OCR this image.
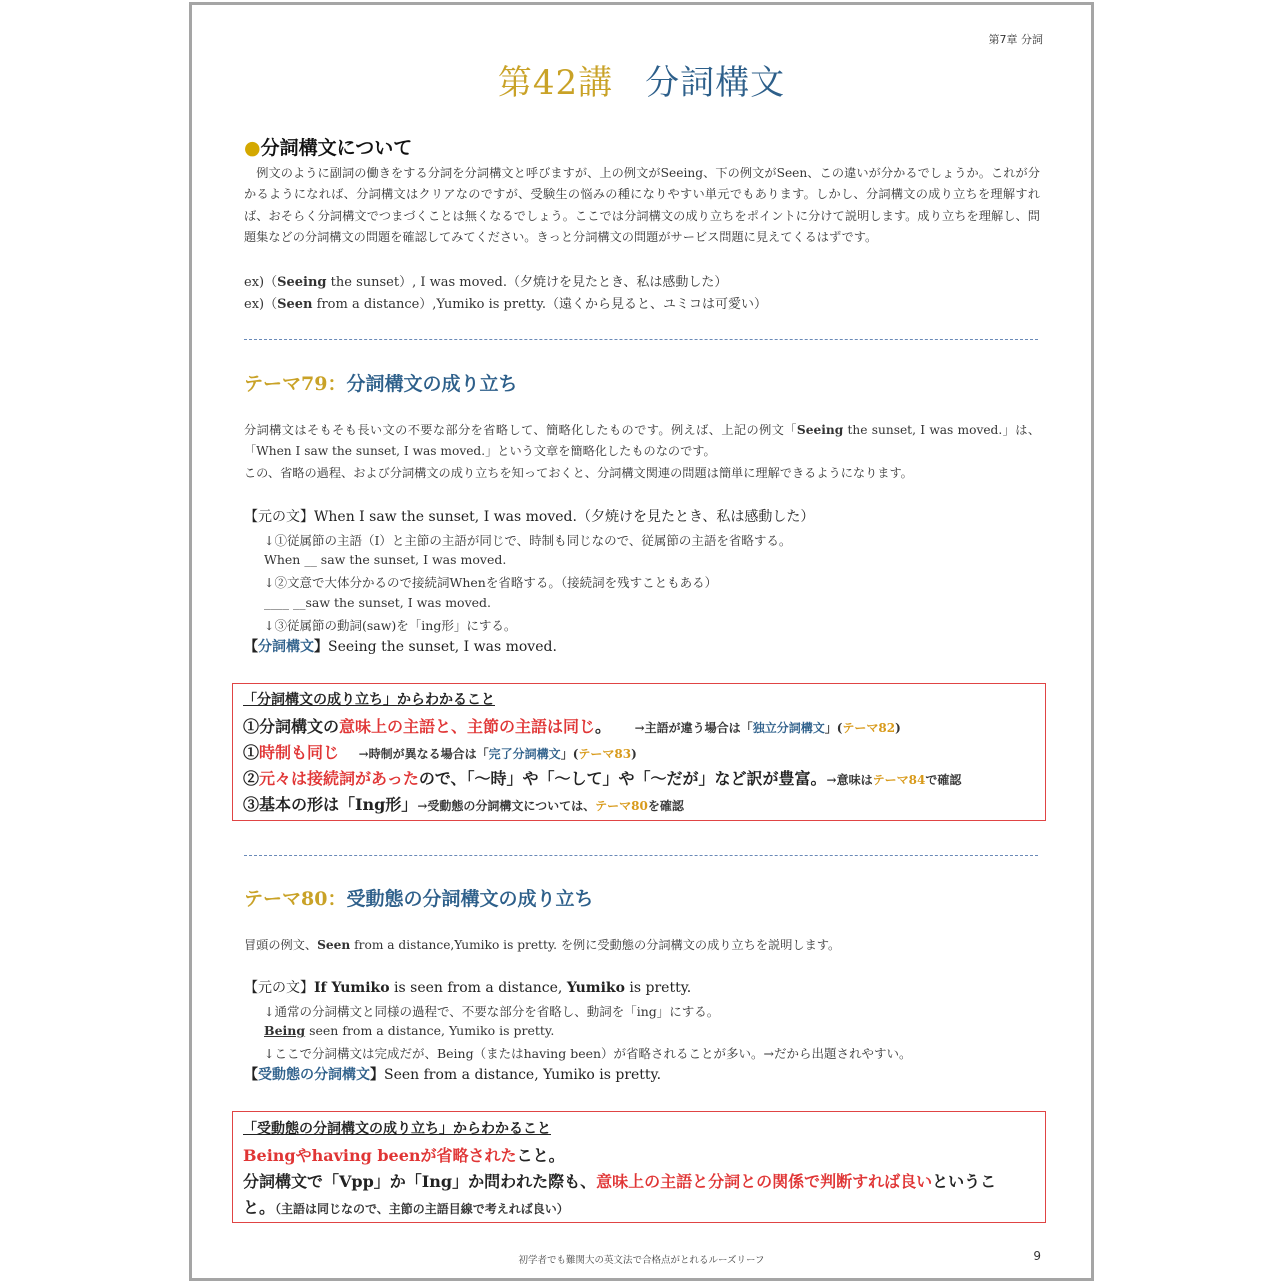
第7章 分詞
第42講 分詞構文
●分詞構文について
例文のように副詞の働きをする分詞を分詞構文と呼びますが、上の例文がSeeing、下の例文がSeen、この違いが分かるでしょうか。これが分かるようになれば、分詞構文はクリアなのですが、受験生の悩みの種になりやすい単元でもあります。しかし、分詞構文の成り立ちを理解すれば、おそらく分詞構文でつまづくことは無くなるでしょう。ここでは分詞構文の成り立ちをポイントに分けて説明します。成り立ちを理解し、問題集などの分詞構文の問題を確認してみてください。きっと分詞構文の問題がサービス問題に見えてくるはずです。
ex)（Seeing the sunset）, I was moved.（夕焼けを見たとき、私は感動した）
ex)（Seen from a distance）,Yumiko is pretty.（遠くから見ると、ユミコは可愛い）
テーマ79：分詞構文の成り立ち
分詞構文はそもそも長い文の不要な部分を省略して、簡略化したものです。例えば、上記の例文「Seeing the sunset, I was moved.」は、「When I saw the sunset, I was moved.」という文章を簡略化したものなのです。
この、省略の過程、および分詞構文の成り立ちを知っておくと、分詞構文関連の問題は簡単に理解できるようになります。
【元の文】When I saw the sunset, I was moved.（夕焼けを見たとき、私は感動した）
↓①従属節の主語（I）と主節の主語が同じで、時制も同じなので、従属節の主語を省略する。
When __ saw the sunset, I was moved.
↓②文意で大体分かるので接続詞Whenを省略する。（接続詞を残すこともある）
____ __saw the sunset, I was moved.
↓③従属節の動詞(saw)を「ing形」にする。
【分詞構文】Seeing the sunset, I was moved.
「分詞構文の成り立ち」からわかること
①分詞構文の意味上の主語と、主節の主語は同じ。 →主語が違う場合は「独立分詞構文」(テーマ82)
①時制も同じ →時制が異なる場合は「完了分詞構文」(テーマ83)
②元々は接続詞があったので、「～時」や「～して」や「～だが」など訳が豊富。→意味はテーマ84で確認
③基本の形は「Ing形」→受動態の分詞構文については、テーマ80を確認
テーマ80：受動態の分詞構文の成り立ち
冒頭の例文、Seen from a distance,Yumiko is pretty. を例に受動態の分詞構文の成り立ちを説明します。
【元の文】If Yumiko is seen from a distance, Yumiko is pretty.
↓通常の分詞構文と同様の過程で、不要な部分を省略し、動詞を「ing」にする。
Being seen from a distance, Yumiko is pretty.
↓ここで分詞構文は完成だが、Being（またはhaving been）が省略されることが多い。→だから出題されやすい。
【受動態の分詞構文】Seen from a distance, Yumiko is pretty.
「受動態の分詞構文の成り立ち」からわかること
Beingやhaving beenが省略されたこと。
分詞構文で「Vpp」か「Ing」か問われた際も、意味上の主語と分詞との関係で判断すれば良いというこ
と。（主語は同じなので、主節の主語目線で考えれば良い）
初学者でも難関大の英文法で合格点がとれるルーズリーフ	9
